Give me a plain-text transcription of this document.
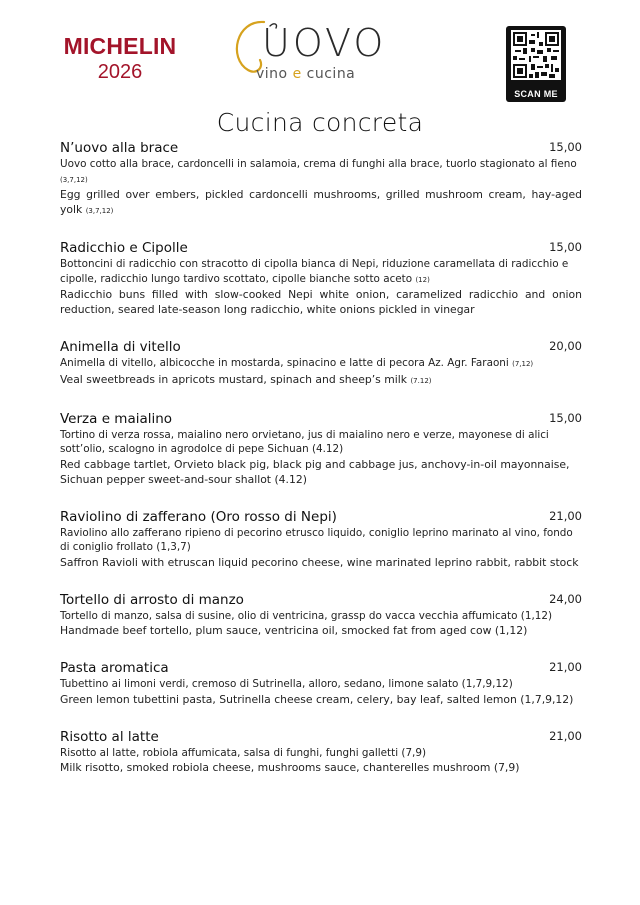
MICHELIN
2026
UOVO
vino e cucina
SCAN ME
Cucina concreta
N’uovo alla brace	15,00
Uovo cotto alla brace, cardoncelli in salamoia, crema di funghi alla brace, tuorlo stagionato al fieno (3,7,12)
Egg grilled over embers, pickled cardoncelli mushrooms, grilled mushroom cream, hay-aged yolk (3,7,12)
Radicchio e Cipolle	15,00
Bottoncini di radicchio con stracotto di cipolla bianca di Nepi, riduzione caramellata di radicchio e cipolle, radicchio lungo tardivo scottato, cipolle bianche sotto aceto (12)
Radicchio buns filled with slow-cooked Nepi white onion, caramelized radicchio and onion reduction, seared late-season long radicchio, white onions pickled in vinegar
Animella di vitello	20,00
Animella di vitello, albicocche in mostarda, spinacino e latte di pecora Az. Agr. Faraoni (7,12)
Veal sweetbreads in apricots mustard, spinach and sheep’s milk (7.12)
Verza e maialino	15,00
Tortino di verza rossa, maialino nero orvietano, jus di maialino nero e verze, mayonese di alici sott’olio, scalogno in agrodolce di pepe Sichuan (4.12)
Red cabbage tartlet, Orvieto black pig, black pig and cabbage jus, anchovy-in-oil mayonnaise, Sichuan pepper sweet-and-sour shallot (4.12)
Raviolino di zafferano (Oro rosso di Nepi)	21,00
Raviolino allo zafferano ripieno di pecorino etrusco liquido, coniglio leprino marinato al vino, fondo di coniglio frollato (1,3,7)
Saffron Ravioli with etruscan liquid pecorino cheese, wine marinated leprino rabbit, rabbit stock
Tortello di arrosto di manzo	24,00
Tortello di manzo, salsa di susine, olio di ventricina, grassp do vacca vecchia affumicato (1,12)
Handmade beef tortello, plum sauce, ventricina oil, smocked fat from aged cow (1,12)
Pasta aromatica	21,00
Tubettino ai limoni verdi, cremoso di Sutrinella, alloro, sedano, limone salato (1,7,9,12)
Green lemon tubettini pasta, Sutrinella cheese cream, celery, bay leaf, salted lemon (1,7,9,12)
Risotto al latte	21,00
Risotto al latte, robiola affumicata, salsa di funghi, funghi galletti (7,9)
Milk risotto, smoked robiola cheese, mushrooms sauce, chanterelles mushroom (7,9)
